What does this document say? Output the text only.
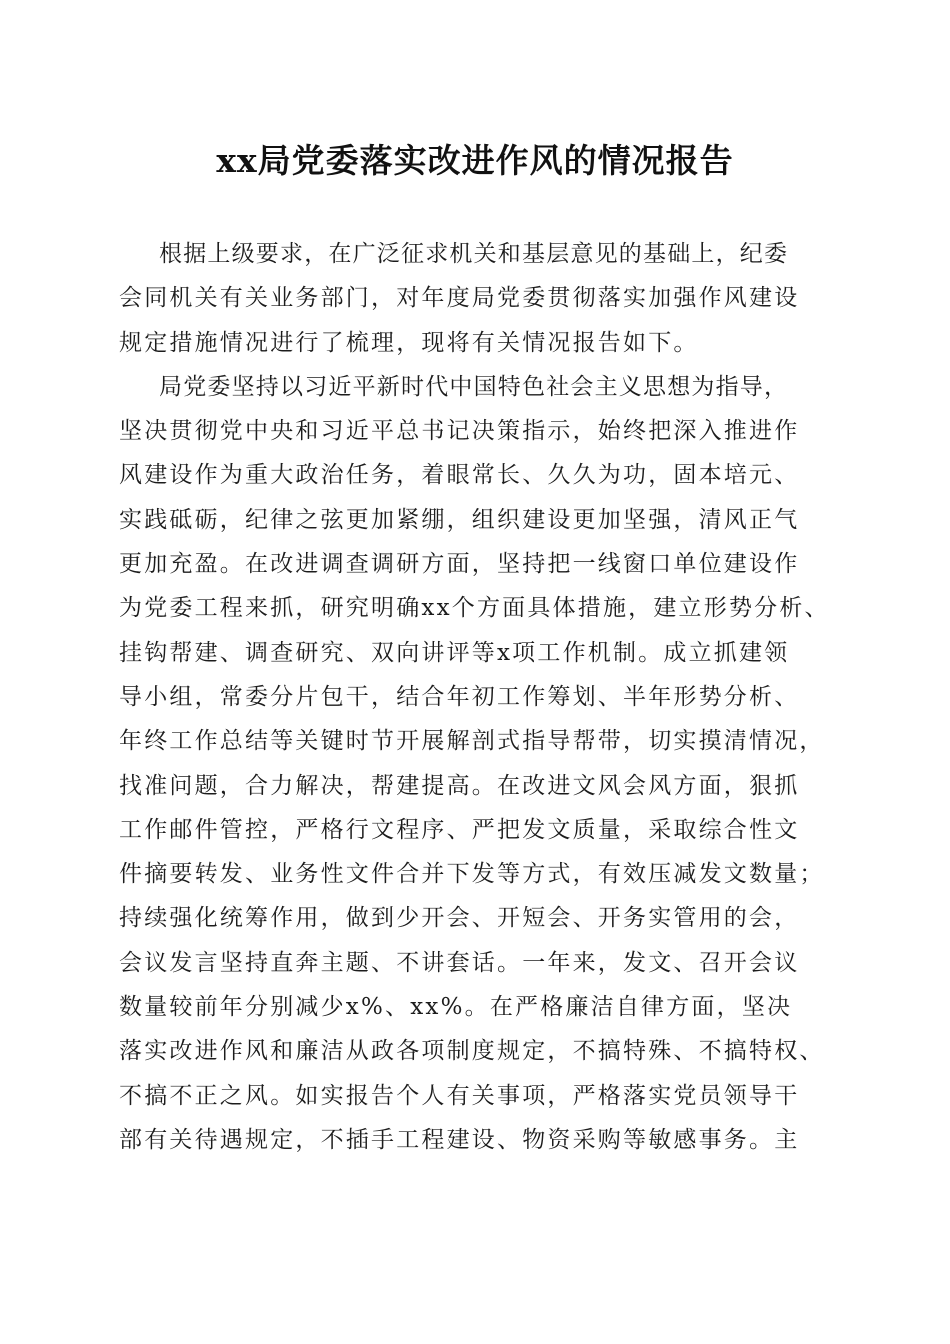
xx局党委落实改进作风的情况报告

根据上级要求，在广泛征求机关和基层意见的基础上，纪委
会同机关有关业务部门，对年度局党委贯彻落实加强作风建设
规定措施情况进行了梳理，现将有关情况报告如下。

局党委坚持以习近平新时代中国特色社会主义思想为指导，
坚决贯彻党中央和习近平总书记决策指示，始终把深入推进作
风建设作为重大政治任务，着眼常长、久久为功，固本培元、
实践砥砺，纪律之弦更加紧绷，组织建设更加坚强，清风正气
更加充盈。在改进调查调研方面，坚持把一线窗口单位建设作
为党委工程来抓，研究明确xx个方面具体措施，建立形势分析、
挂钩帮建、调查研究、双向讲评等x项工作机制。成立抓建领
导小组，常委分片包干，结合年初工作筹划、半年形势分析、
年终工作总结等关键时节开展解剖式指导帮带，切实摸清情况，
找准问题，合力解决，帮建提高。在改进文风会风方面，狠抓
工作邮件管控，严格行文程序、严把发文质量，采取综合性文
件摘要转发、业务性文件合并下发等方式，有效压减发文数量；
持续强化统筹作用，做到少开会、开短会、开务实管用的会，
会议发言坚持直奔主题、不讲套话。一年来，发文、召开会议
数量较前年分别减少x%、xx%。在严格廉洁自律方面，坚决
落实改进作风和廉洁从政各项制度规定，不搞特殊、不搞特权、
不搞不正之风。如实报告个人有关事项，严格落实党员领导干
部有关待遇规定，不插手工程建设、物资采购等敏感事务。主
